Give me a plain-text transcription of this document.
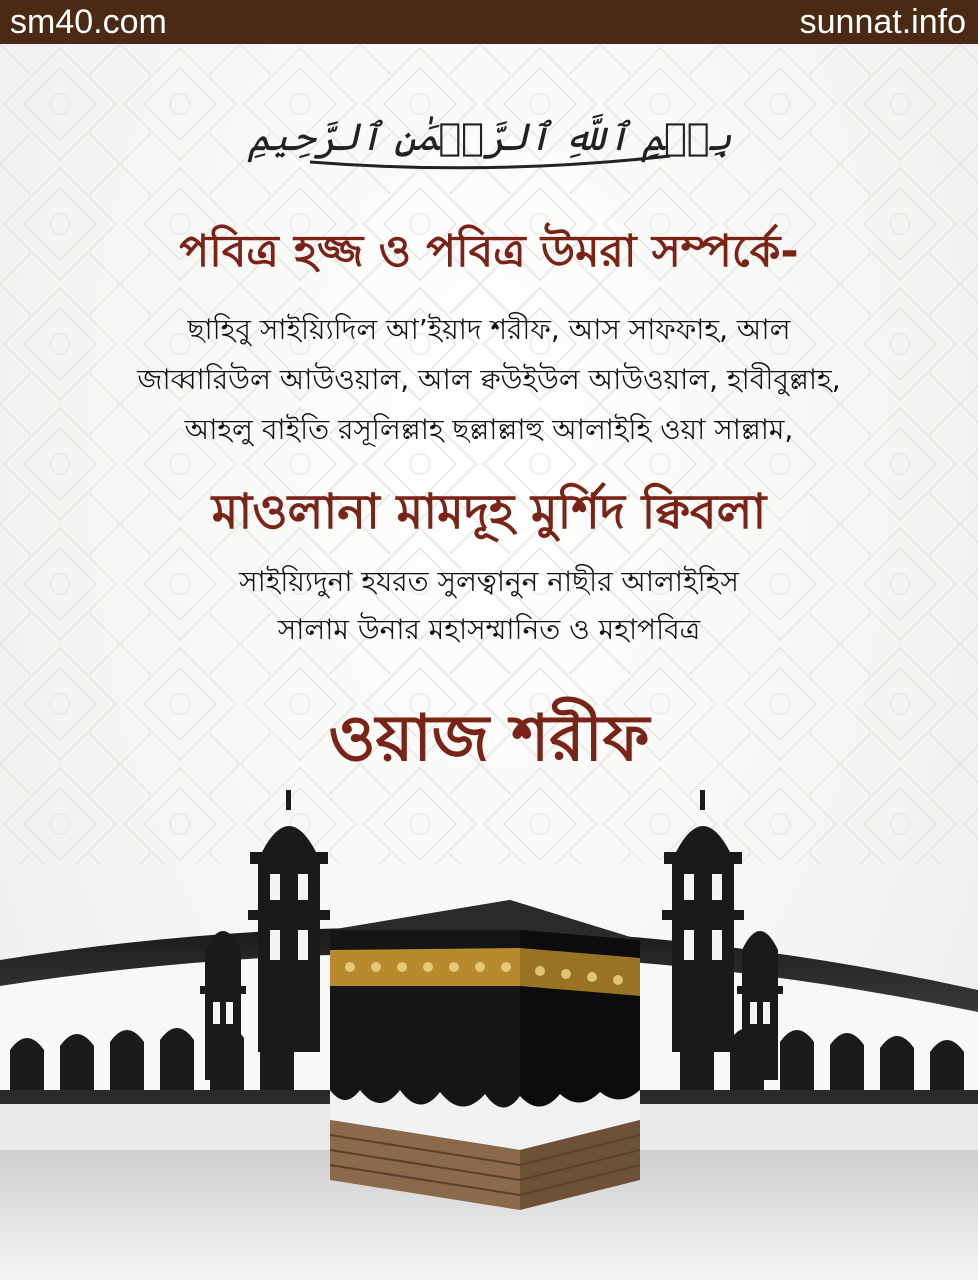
sm40.com	sunnat.info
بِسۡمِ ٱللَّهِ ٱلرَّحۡمَٰنِ ٱلرَّحِيمِ
পবিত্র হজ্জ ও পবিত্র উমরা সম্পর্কে-
ছাহিবু সাইয়্যিদিল আ’ইয়াদ শরীফ, আস সাফফাহ, আল
জাব্বারিউল আউওয়াল, আল ক্বউইউল আউওয়াল, হাবীবুল্লাহ,
আহলু বাইতি রসূলিল্লাহ ছল্লাল্লাহু আলাইহি ওয়া সাল্লাম,
মাওলানা মামদূহ মুর্শিদ ক্বিবলা
সাইয়্যিদুনা হযরত সুলত্বানুন নাছীর আলাইহিস
সালাম উনার মহাসম্মানিত ও মহাপবিত্র
ওয়াজ শরীফ
